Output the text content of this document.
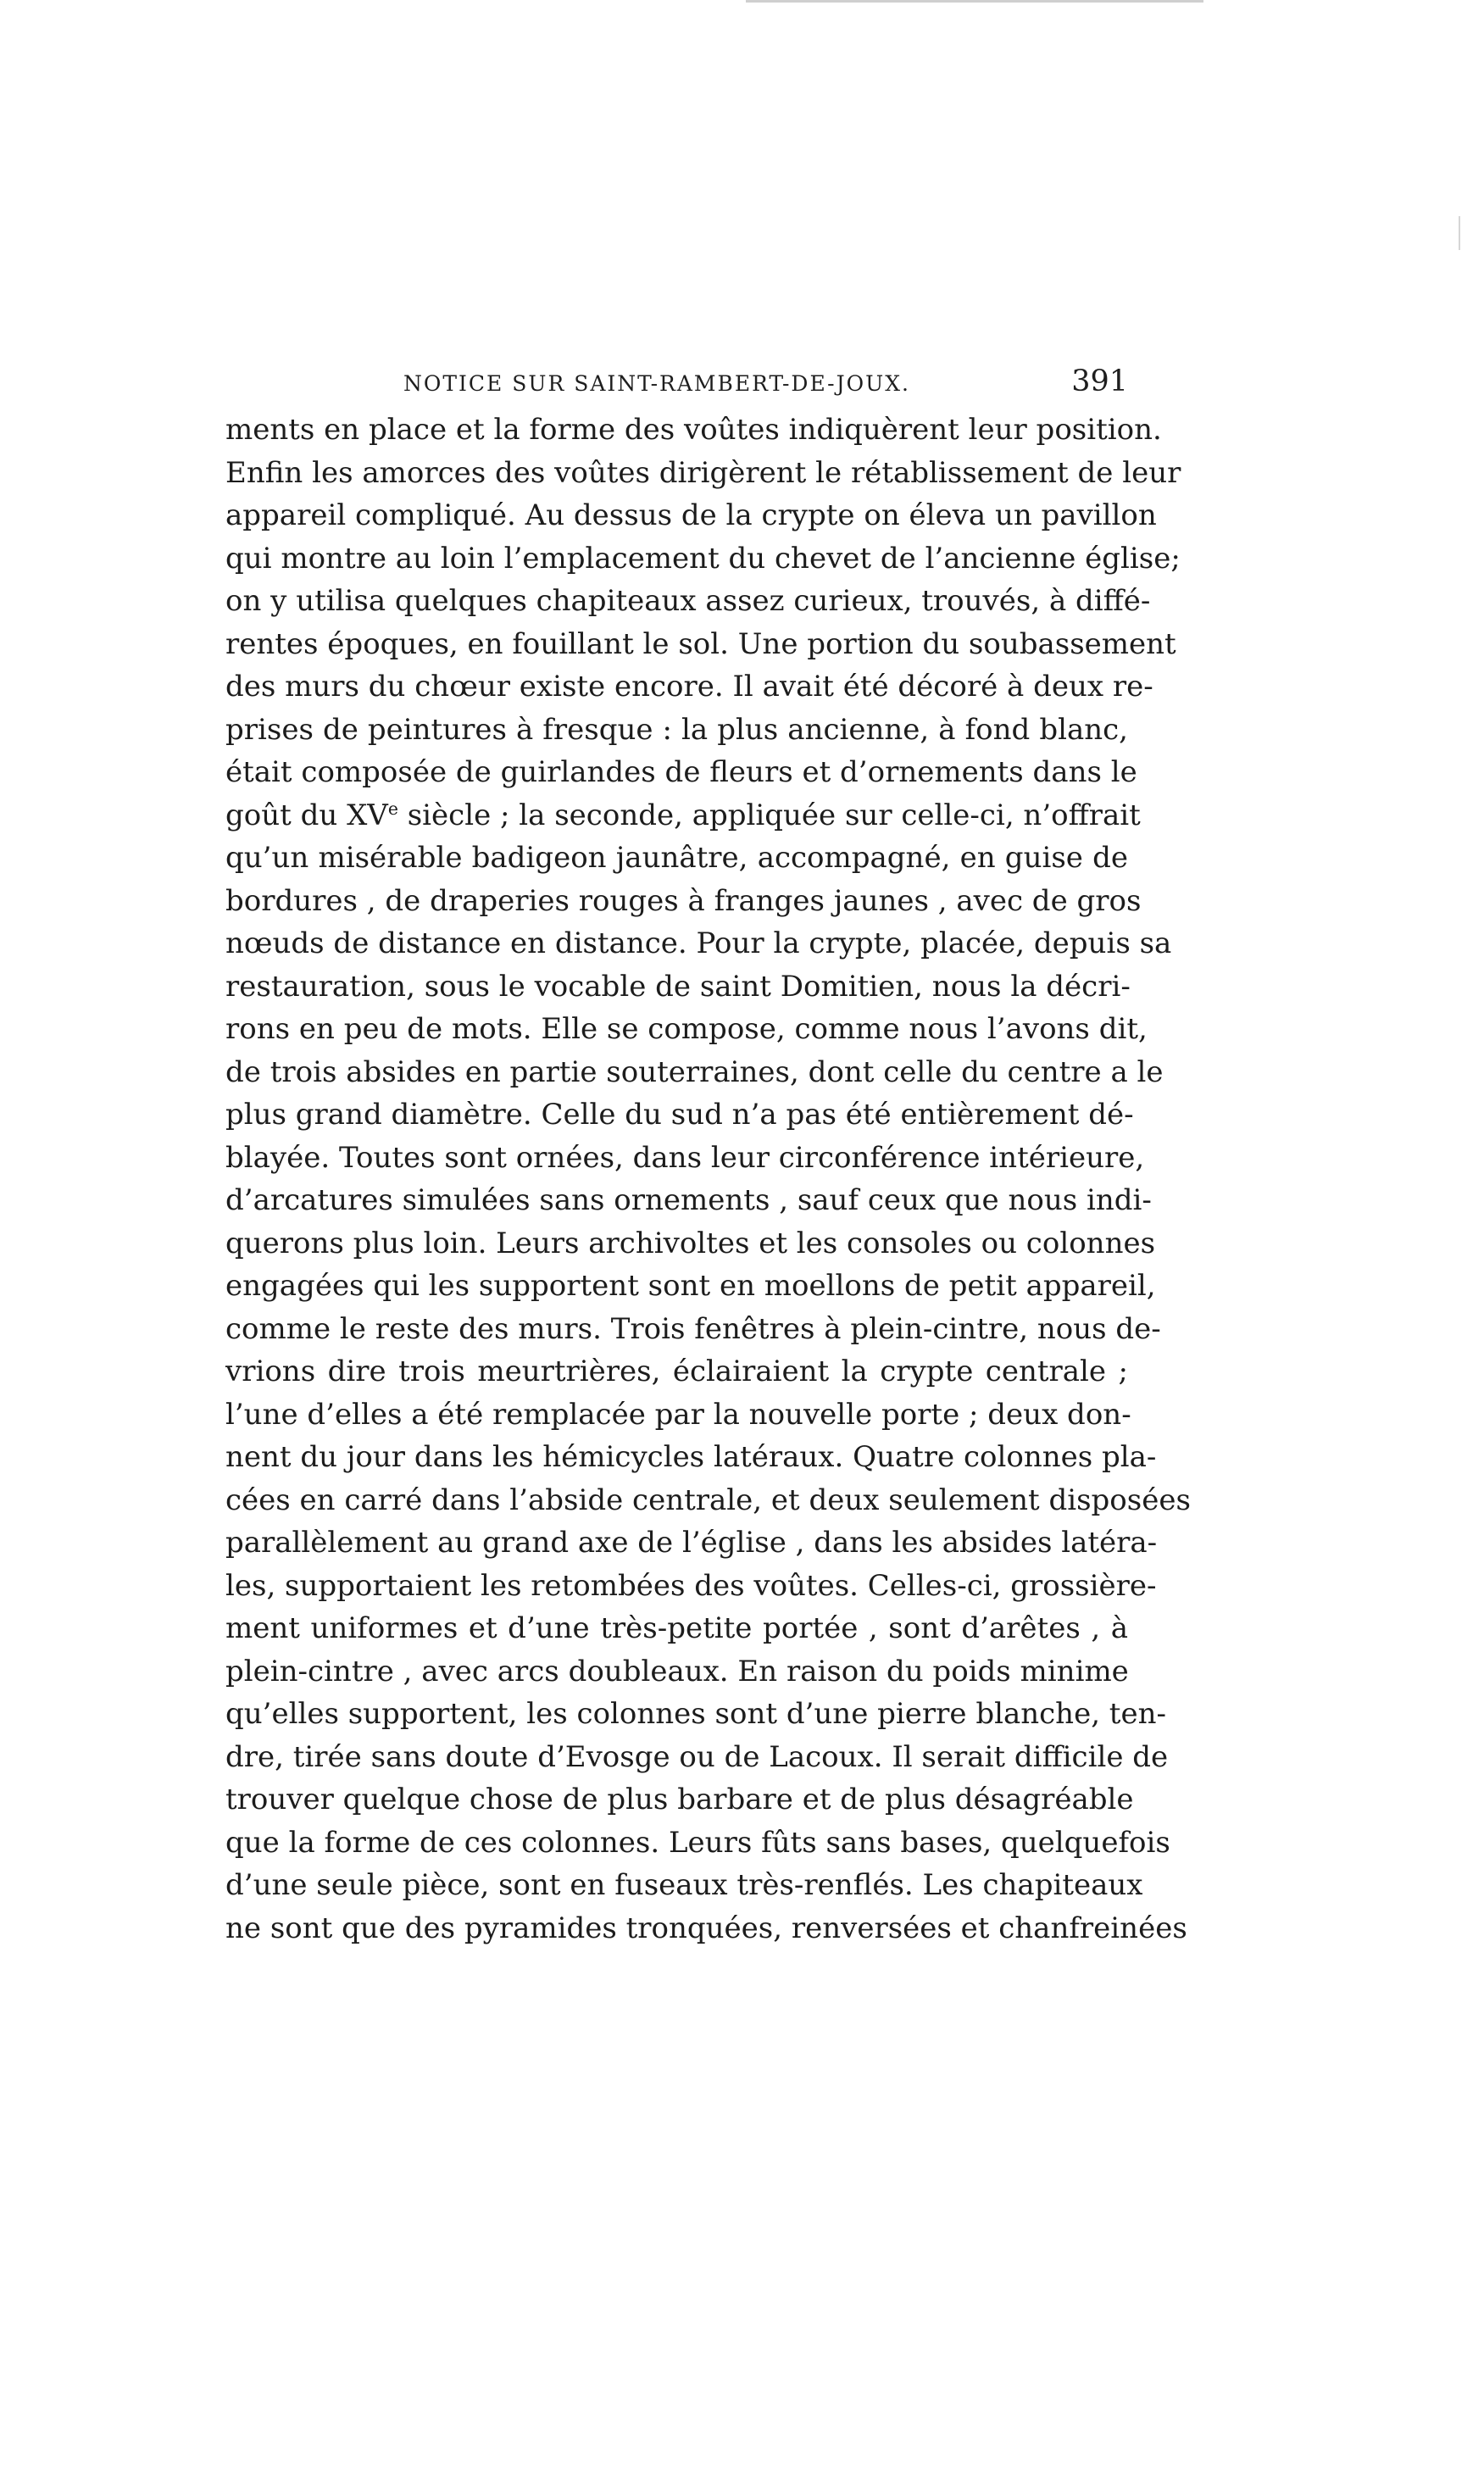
NOTICE SUR SAINT-RAMBERT-DE-JOUX.	391
ments en place et la forme des voûtes indiquèrent leur position.
Enfin les amorces des voûtes dirigèrent le rétablissement de leur
appareil compliqué. Au dessus de la crypte on éleva un pavillon
qui montre au loin l’emplacement du chevet de l’ancienne église;
on y utilisa quelques chapiteaux assez curieux, trouvés, à diffé-
rentes époques, en fouillant le sol. Une portion du soubassement
des murs du chœur existe encore. Il avait été décoré à deux re-
prises de peintures à fresque : la plus ancienne, à fond blanc,
était composée de guirlandes de fleurs et d’ornements dans le
goût du XVe siècle ; la seconde, appliquée sur celle-ci, n’offrait
qu’un misérable badigeon jaunâtre, accompagné, en guise de
bordures , de draperies rouges à franges jaunes , avec de gros
nœuds de distance en distance. Pour la crypte, placée, depuis sa
restauration, sous le vocable de saint Domitien, nous la décri-
rons en peu de mots. Elle se compose, comme nous l’avons dit,
de trois absides en partie souterraines, dont celle du centre a le
plus grand diamètre. Celle du sud n’a pas été entièrement dé-
blayée. Toutes sont ornées, dans leur circonférence intérieure,
d’arcatures simulées sans ornements , sauf ceux que nous indi-
querons plus loin. Leurs archivoltes et les consoles ou colonnes
engagées qui les supportent sont en moellons de petit appareil,
comme le reste des murs. Trois fenêtres à plein-cintre, nous de-
vrions dire trois meurtrières, éclairaient la crypte centrale ;
l’une d’elles a été remplacée par la nouvelle porte ; deux don-
nent du jour dans les hémicycles latéraux. Quatre colonnes pla-
cées en carré dans l’abside centrale, et deux seulement disposées
parallèlement au grand axe de l’église , dans les absides latéra-
les, supportaient les retombées des voûtes. Celles-ci, grossière-
ment uniformes et d’une très-petite portée , sont d’arêtes , à
plein-cintre , avec arcs doubleaux. En raison du poids minime
qu’elles supportent, les colonnes sont d’une pierre blanche, ten-
dre, tirée sans doute d’Evosge ou de Lacoux. Il serait difficile de
trouver quelque chose de plus barbare et de plus désagréable
que la forme de ces colonnes. Leurs fûts sans bases, quelquefois
d’une seule pièce, sont en fuseaux très-renflés. Les chapiteaux
ne sont que des pyramides tronquées, renversées et chanfreinées
